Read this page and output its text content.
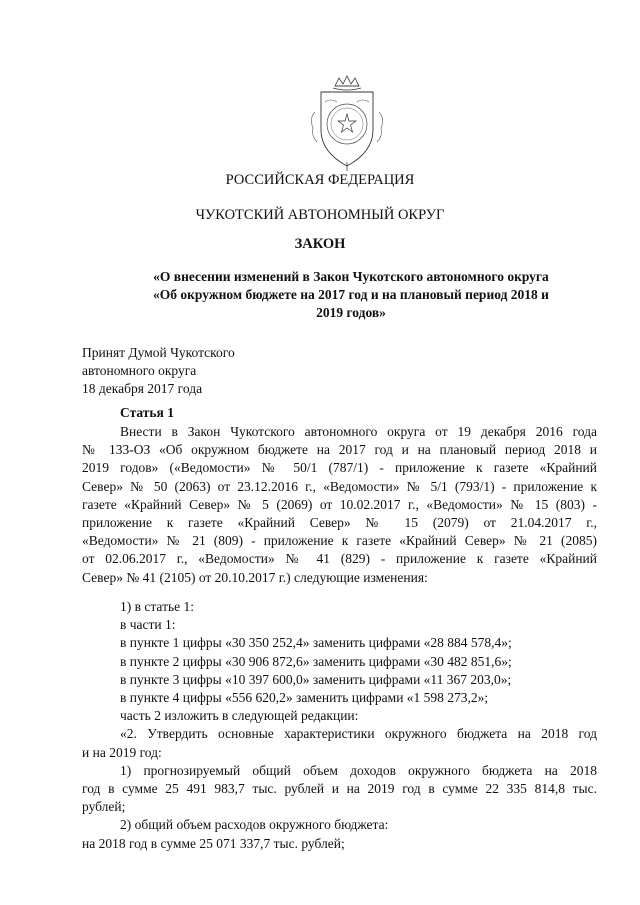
РОССИЙСКАЯ ФЕДЕРАЦИЯ
ЧУКОТСКИЙ АВТОНОМНЫЙ ОКРУГ
ЗАКОН
«О внесении изменений в Закон Чукотского автономного округа
«Об окружном бюджете на 2017 год и на плановый период 2018 и
2019 годов»
Принят Думой Чукотского
автономного округа
18 декабря 2017 года
Статья 1
Внести в Закон Чукотского автономного округа от 19 декабря 2016 года
№ 133-ОЗ «Об окружном бюджете на 2017 год и на плановый период 2018 и
2019 годов» («Ведомости» № 50/1 (787/1) - приложение к газете «Крайний
Север» № 50 (2063) от 23.12.2016 г., «Ведомости» № 5/1 (793/1) - приложение к
газете «Крайний Север» № 5 (2069) от 10.02.2017 г., «Ведомости» № 15 (803) -
приложение к газете «Крайний Север» № 15 (2079) от 21.04.2017 г.,
«Ведомости» № 21 (809) - приложение к газете «Крайний Север» № 21 (2085)
от 02.06.2017 г., «Ведомости» № 41 (829) - приложение к газете «Крайний
Север» № 41 (2105) от 20.10.2017 г.) следующие изменения:
1) в статье 1:
в части 1:
в пункте 1 цифры «30 350 252,4» заменить цифрами «28 884 578,4»;
в пункте 2 цифры «30 906 872,6» заменить цифрами «30 482 851,6»;
в пункте 3 цифры «10 397 600,0» заменить цифрами «11 367 203,0»;
в пункте 4 цифры «556 620,2» заменить цифрами «1 598 273,2»;
часть 2 изложить в следующей редакции:
«2. Утвердить основные характеристики окружного бюджета на 2018 год
и на 2019 год:
1) прогнозируемый общий объем доходов окружного бюджета на 2018
год в сумме 25 491 983,7 тыс. рублей и на 2019 год в сумме 22 335 814,8 тыс.
рублей;
2) общий объем расходов окружного бюджета:
на 2018 год в сумме 25 071 337,7 тыс. рублей;
